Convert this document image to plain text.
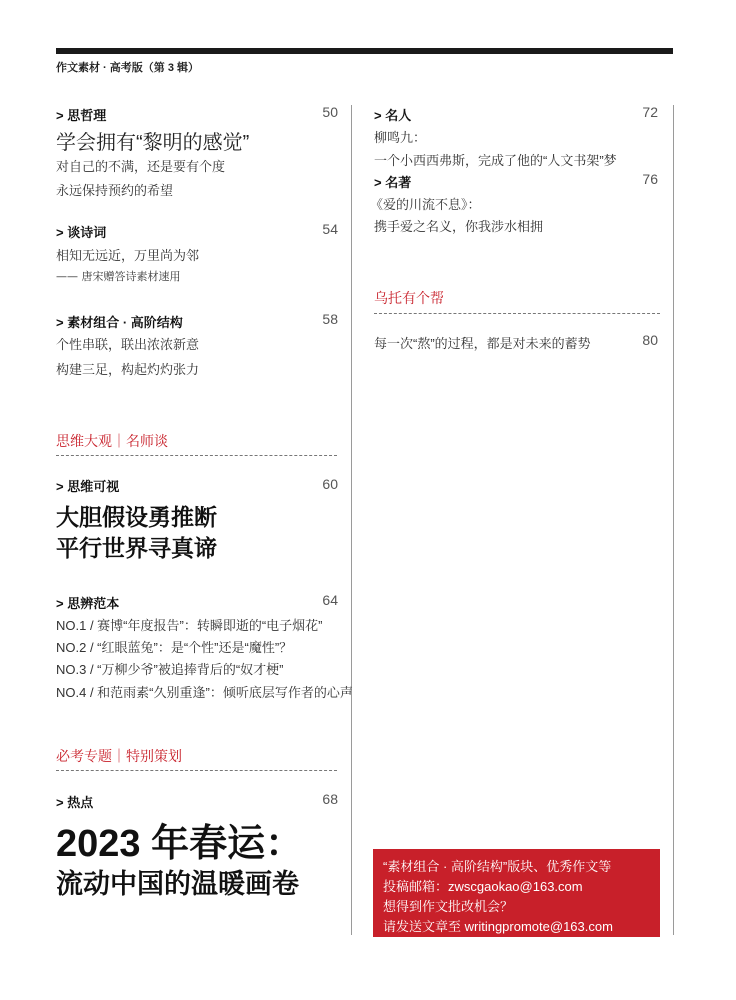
作文素材 · 高考版（第 3 辑）
> 思哲理	50
学会拥有“黎明的感觉”
对自己的不满，还是要有个度
永远保持预约的希望
> 谈诗词	54
相知无远近，万里尚为邻
—— 唐宋赠答诗素材速用
> 素材组合 · 高阶结构	58
个性串联，联出浓浓新意
构建三足，构起灼灼张力
思维大观｜名师谈
> 思维可视	60
大胆假设勇推断
平行世界寻真谛
> 思辨范本	64
NO.1 / 赛博“年度报告”：转瞬即逝的“电子烟花”
NO.2 / “红眼蓝兔”：是“个性”还是“魔性”？
NO.3 / “万柳少爷”被追捧背后的“奴才梗”
NO.4 / 和范雨素“久别重逢”：倾听底层写作者的心声
必考专题｜特别策划
> 热点	68
2023 年春运：
流动中国的温暖画卷
> 名人	72
柳鸣九：
一个小西西弗斯，完成了他的“人文书架”梦
> 名著	76
《爱的川流不息》：
携手爱之名义，你我涉水相拥
乌托有个帮
每一次“熬”的过程，都是对未来的蓄势	80
“素材组合 · 高阶结构”版块、优秀作文等
投稿邮箱：zwscgaokao@163.com
想得到作文批改机会？
请发送文章至 writingpromote@163.com
